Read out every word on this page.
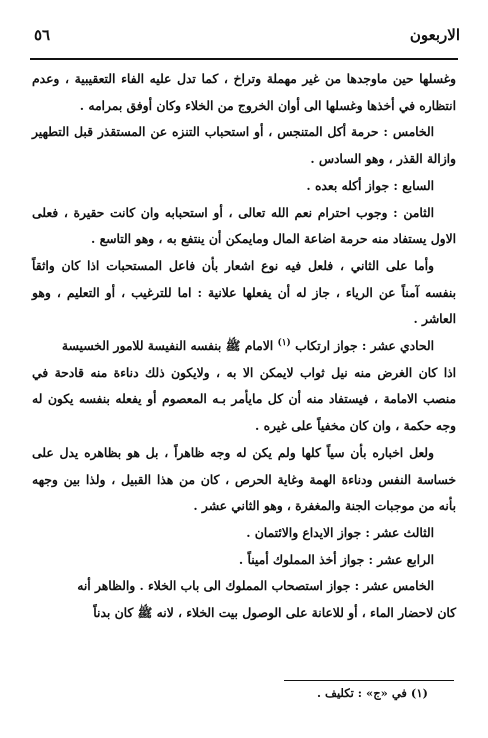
الاربعون
٥٦

وغسلها حين ماوجدها من غير مهملة وتراخ ، كما تدل عليه الفاء التعقيبية ، وعدم انتظاره في أخذها وغسلها الى أوان الخروج من الخلاء وكان أوفق بمرامه .

الخامس : حرمة أكل المتنجس ، أو استحباب التنزه عن المستقذر قبل التطهير وازالة القذر ، وهو السادس .

السابع : جواز أكله بعده .

الثامن : وجوب احترام نعم الله تعالى ، أو استحبابه وان كانت حقيرة ، فعلى الاول يستفاد منه حرمة اضاعة المال ومايمكن أن ينتفع به ، وهو التاسع .

وأما على الثاني ، فلعل فيه نوع اشعار بأن فاعل المستحبات اذا كان واثقاً بنفسه آمناً عن الرياء ، جاز له أن يفعلها علانية : اما للترغيب ، أو التعليم ، وهو العاشر .

الحادي عشر : جواز ارتكاب $^{(١)}$ الامام ﷺ بنفسه النفيسة للامور الخسيسة

اذا كان الغرض منه نيل ثواب لايمكن الا به ، ولايكون ذلك دناءة منه قادحة في منصب الامامة ، فيستفاد منه أن كل مايأمر بـه المعصوم أو يفعله بنفسه يكون له وجه حكمة ، وان كان مخفياً على غيره .

ولعل اخباره بأن سياً كلها ولم يكن له وجه ظاهراً ، بل هو بظاهره يدل على خساسة النفس ودناءة الهمة وغاية الحرص ، كان من هذا القبيل ، ولذا بين وجهه بأنه من موجبات الجنة والمغفرة ، وهو الثاني عشر .

الثالث عشر : جواز الايداع والائتمان .

الرابع عشر : جواز أخذ المملوك أميناً .

الخامس عشر : جواز استصحاب المملوك الى باب الخلاء . والظاهر أنه

كان لاحضار الماء ، أو للاعانة على الوصول بيت الخلاء ، لانه ﷺ كان بدناً

(١) في «ج» : تكليف .
